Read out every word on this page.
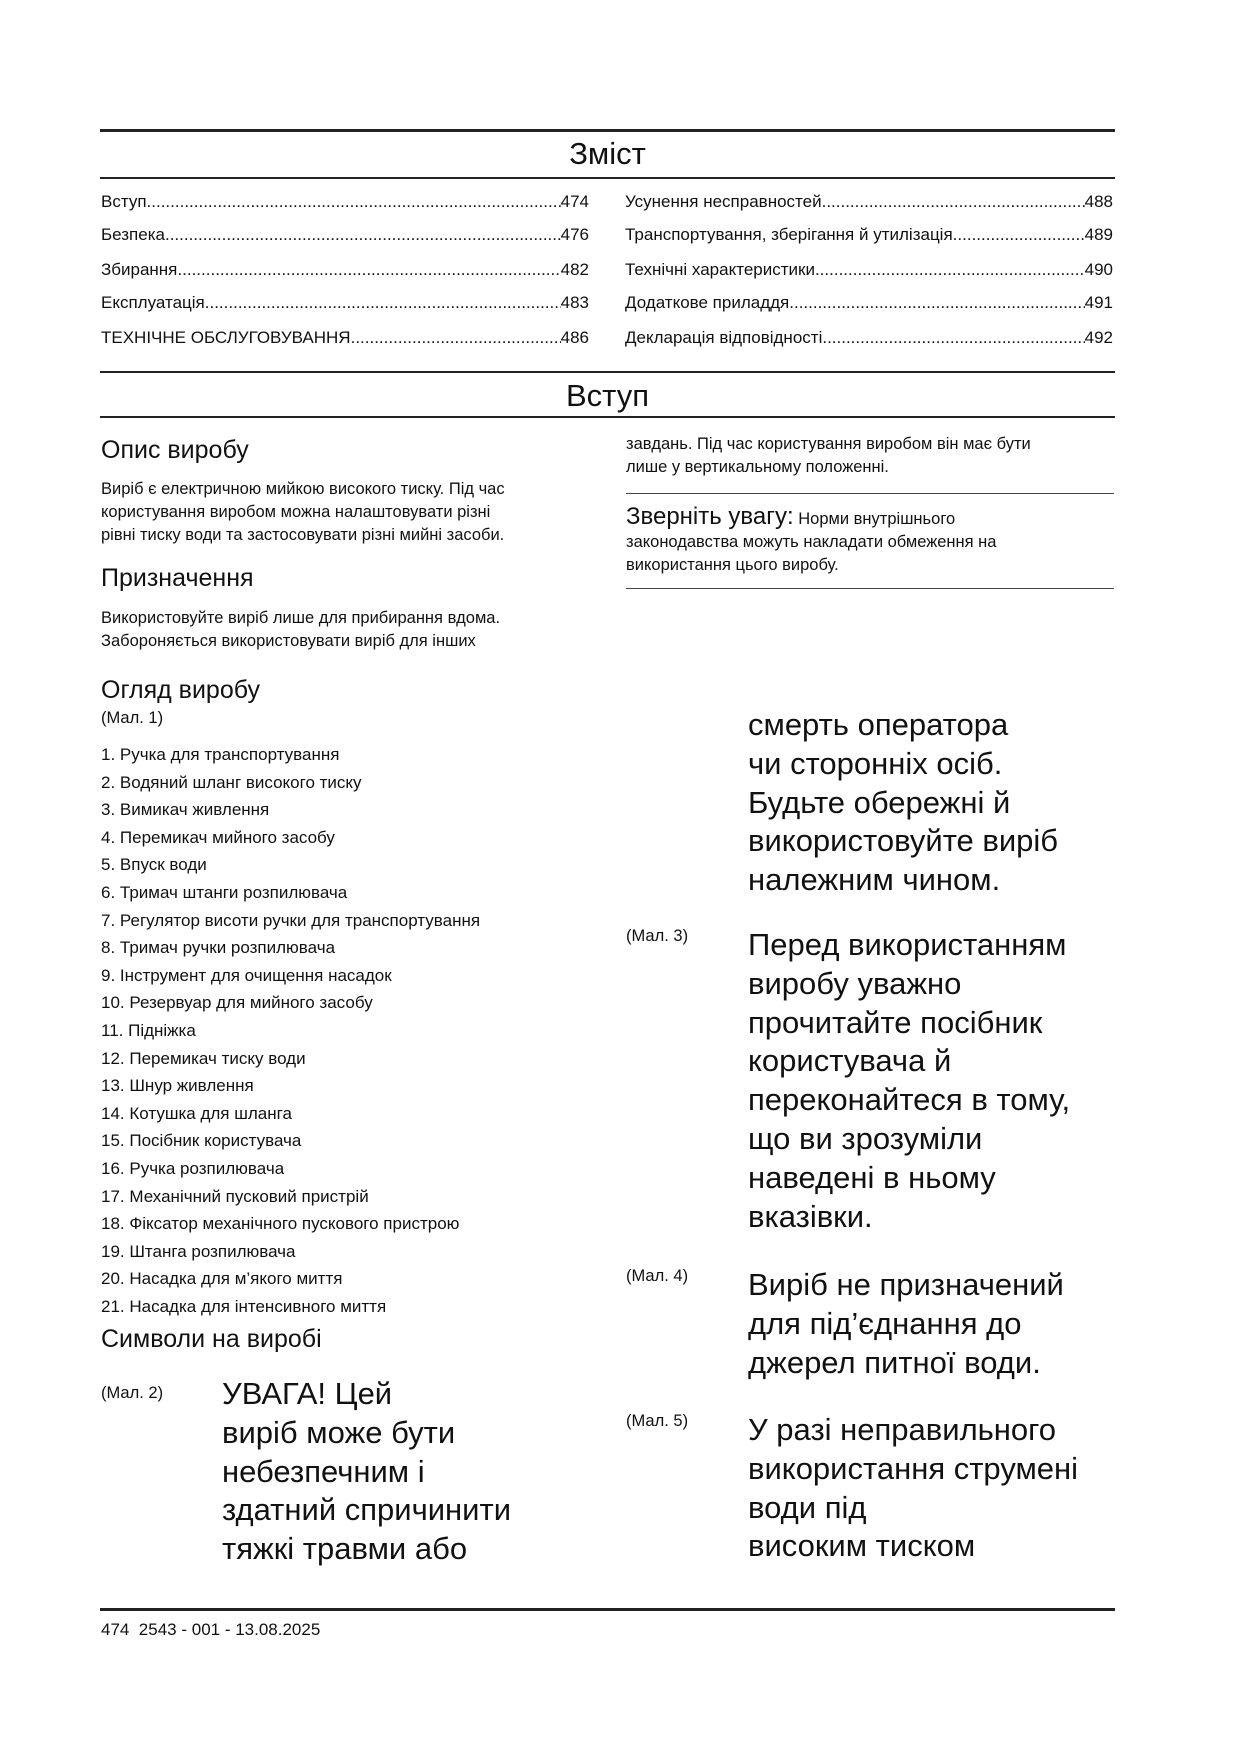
Зміст
Вступ .....	474
Безпека .....	476
Збирання .....	482
Експлуатація .....	483
ТЕХНІЧНЕ ОБСЛУГОВУВАННЯ .....	486
Усунення несправностей .....	488
Транспортування, зберігання й утилізація .....	489
Технічні характеристики .....	490
Додаткове приладдя .....	491
Декларація відповідності .....	492
Вступ
Опис виробу
Виріб є електричною мийкою високого тиску. Під час
користування виробом можна налаштовувати різні
рівні тиску води та застосовувати різні мийні засоби.
Призначення
Використовуйте виріб лише для прибирання вдома.
Забороняється використовувати виріб для інших
завдань. Під час користування виробом він має бути
лише у вертикальному положенні.
Зверніть увагу: Норми внутрішнього
законодавства можуть накладати обмеження на
використання цього виробу.
Огляд виробу
(Мал. 1)
1. Ручка для транспортування
2. Водяний шланг високого тиску
3. Вимикач живлення
4. Перемикач мийного засобу
5. Впуск води
6. Тримач штанги розпилювача
7. Регулятор висоти ручки для транспортування
8. Тримач ручки розпилювача
9. Інструмент для очищення насадок
10. Резервуар для мийного засобу
11. Підніжка
12. Перемикач тиску води
13. Шнур живлення
14. Котушка для шланга
15. Посібник користувача
16. Ручка розпилювача
17. Механічний пусковий пристрій
18. Фіксатор механічного пускового пристрою
19. Штанга розпилювача
20. Насадка для м’якого миття
21. Насадка для інтенсивного миття
Символи на виробі
(Мал. 2) УВАГА! Цей
виріб може бути
небезпечним і
здатний спричинити
тяжкі травми або
смерть оператора
чи сторонніх осіб.
Будьте обережні й
використовуйте виріб
належним чином.
(Мал. 3) Перед використанням
виробу уважно
прочитайте посібник
користувача й
переконайтеся в тому,
що ви зрозуміли
наведені в ньому
вказівки.
(Мал. 4) Виріб не призначений
для під’єднання до
джерел питної води.
(Мал. 5) У разі неправильного
використання струмені
води під
високим тиском
474  2543 - 001 - 13.08.2025
